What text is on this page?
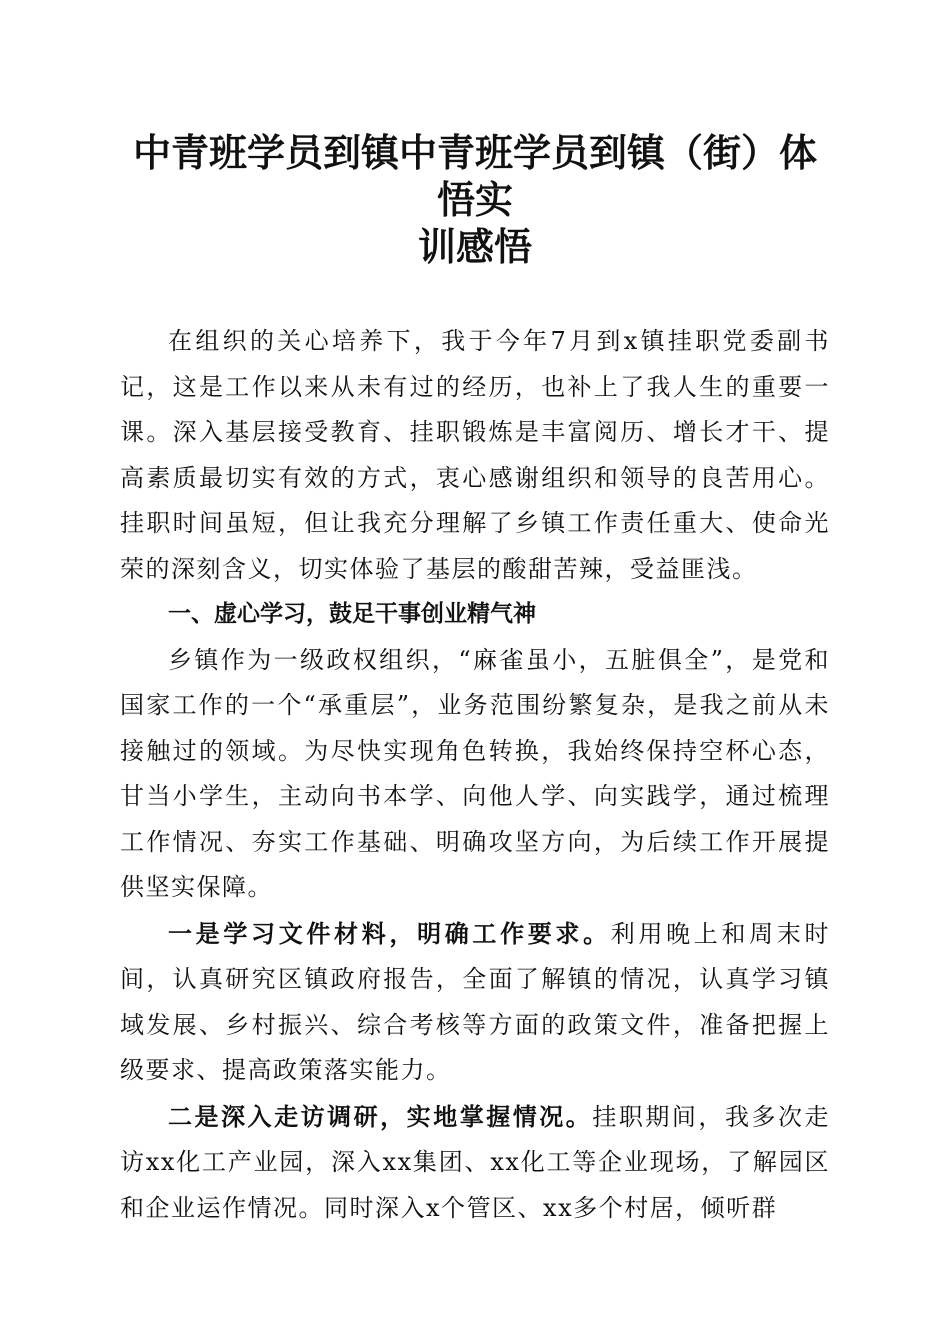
中青班学员到镇中青班学员到镇（街）体悟实
训感悟

在组织的关心培养下，我于今年7月到x镇挂职党委副书记，这是工作以来从未有过的经历，也补上了我人生的重要一课。深入基层接受教育、挂职锻炼是丰富阅历、增长才干、提高素质最切实有效的方式，衷心感谢组织和领导的良苦用心。挂职时间虽短，但让我充分理解了乡镇工作责任重大、使命光荣的深刻含义，切实体验了基层的酸甜苦辣，受益匪浅。

一、虚心学习，鼓足干事创业精气神

乡镇作为一级政权组织，“麻雀虽小，五脏俱全”，是党和国家工作的一个“承重层”，业务范围纷繁复杂，是我之前从未接触过的领域。为尽快实现角色转换，我始终保持空杯心态，甘当小学生，主动向书本学、向他人学、向实践学，通过梳理工作情况、夯实工作基础、明确攻坚方向，为后续工作开展提供坚实保障。

一是学习文件材料，明确工作要求。利用晚上和周末时间，认真研究区镇政府报告，全面了解镇的情况，认真学习镇域发展、乡村振兴、综合考核等方面的政策文件，准备把握上级要求、提高政策落实能力。

二是深入走访调研，实地掌握情况。挂职期间，我多次走访xx化工产业园，深入xx集团、xx化工等企业现场，了解园区和企业运作情况。同时深入x个管区、xx多个村居，倾听群
